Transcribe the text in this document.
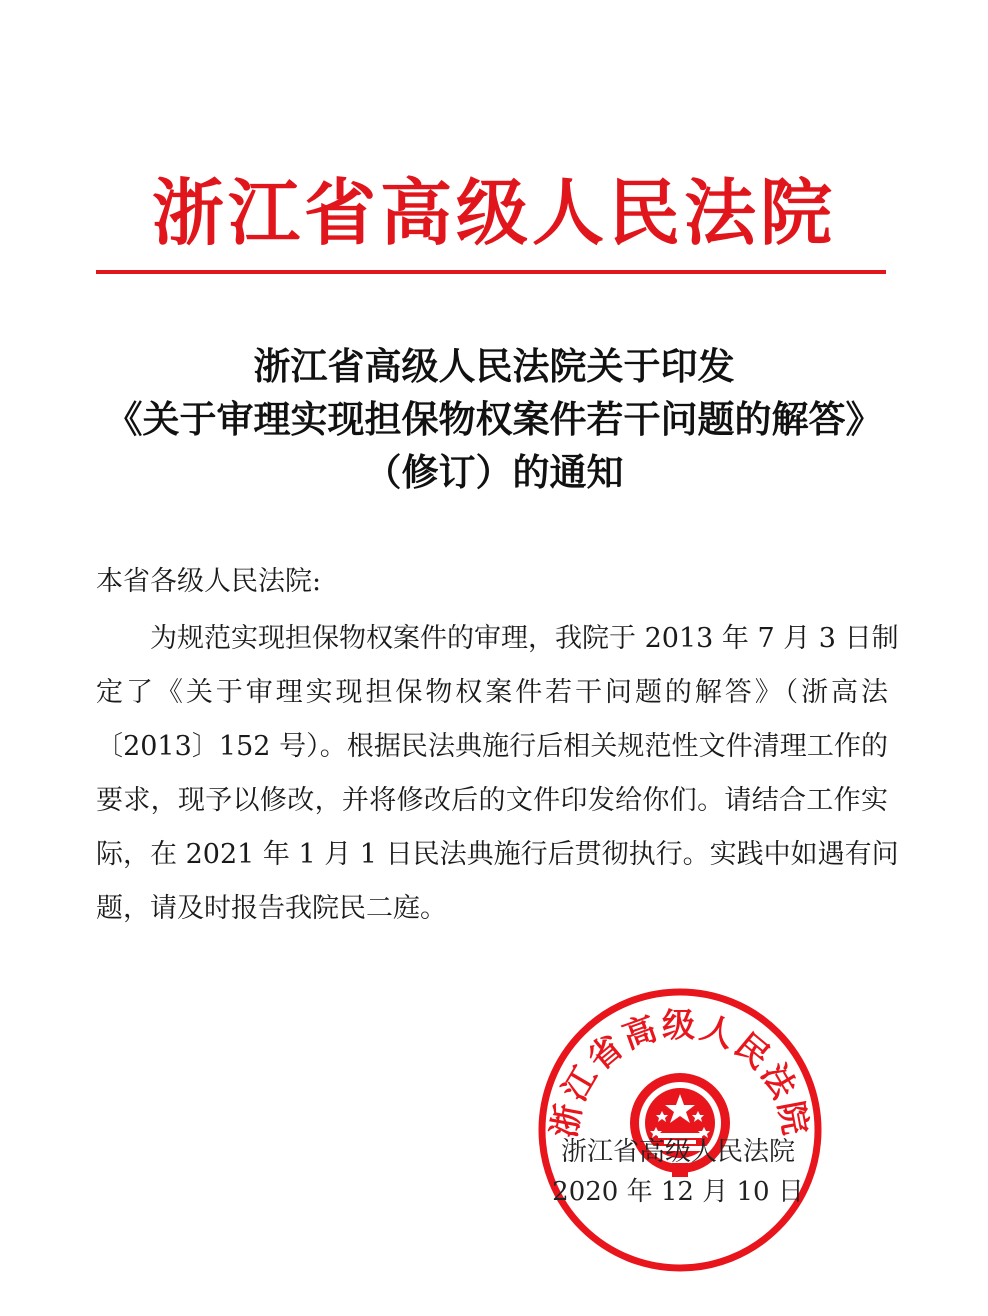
浙江省高级人民法院
浙江省高级人民法院关于印发
《关于审理实现担保物权案件若干问题的解答》
（修订）的通知
本省各级人民法院:
为规范实现担保物权案件的审理，我院于 2013 年 7 月 3 日制
定了《关于审理实现担保物权案件若干问题的解答》（浙高法
〔2013〕152 号）。根据民法典施行后相关规范性文件清理工作的
要求，现予以修改，并将修改后的文件印发给你们。请结合工作实
际，在 2021 年 1 月 1 日民法典施行后贯彻执行。实践中如遇有问
题，请及时报告我院民二庭。
浙江省高级人民法院
浙江省高级人民法院
2020 年 12 月 10 日
